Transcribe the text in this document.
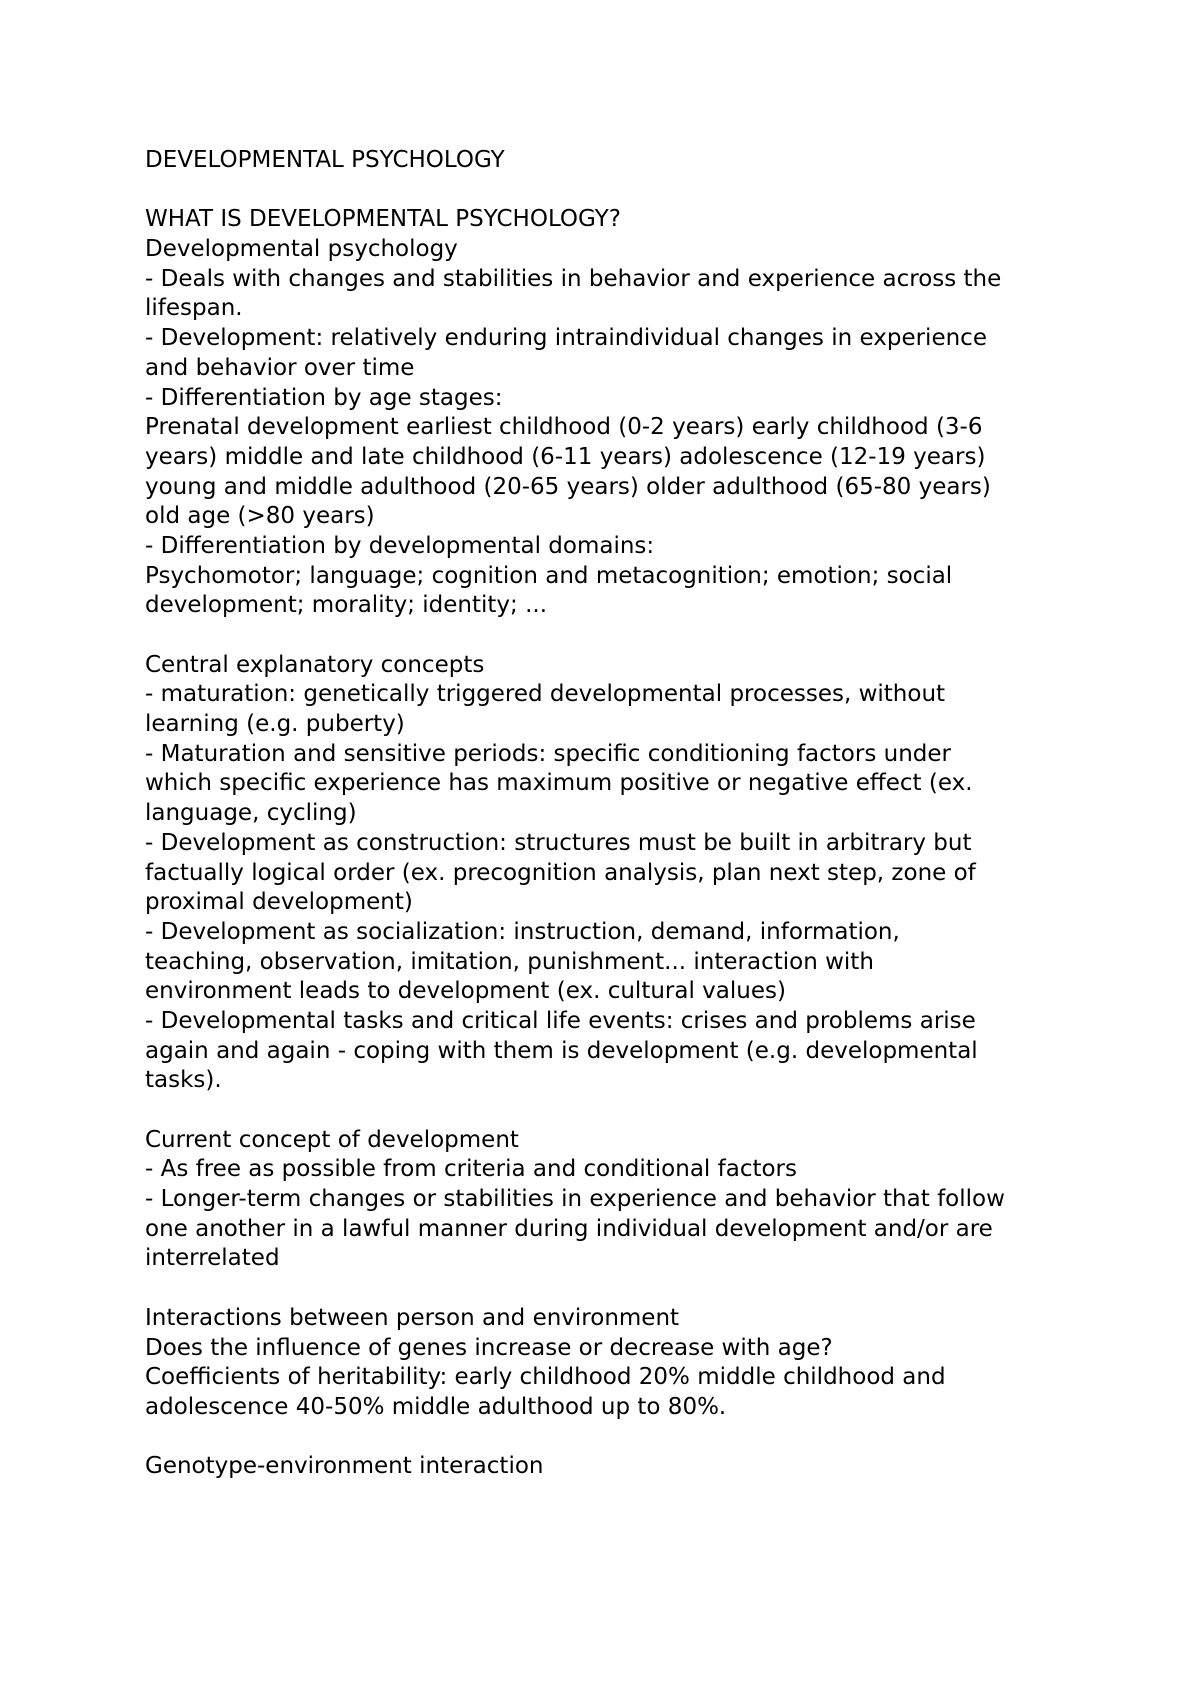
DEVELOPMENTAL PSYCHOLOGY

WHAT IS DEVELOPMENTAL PSYCHOLOGY?

Developmental psychology

- Deals with changes and stabilities in behavior and experience across the

lifespan.

- Development: relatively enduring intraindividual changes in experience

and behavior over time

- Differentiation by age stages:

Prenatal development earliest childhood (0-2 years) early childhood (3-6

years) middle and late childhood (6-11 years) adolescence (12-19 years)

young and middle adulthood (20-65 years) older adulthood (65-80 years)

old age (>80 years)

- Differentiation by developmental domains:

Psychomotor; language; cognition and metacognition; emotion; social

development; morality; identity; ...

Central explanatory concepts

- maturation: genetically triggered developmental processes, without

learning (e.g. puberty)

- Maturation and sensitive periods: specific conditioning factors under

which specific experience has maximum positive or negative effect (ex.

language, cycling)

- Development as construction: structures must be built in arbitrary but

factually logical order (ex. precognition analysis, plan next step, zone of

proximal development)

- Development as socialization: instruction, demand, information,

teaching, observation, imitation, punishment... interaction with

environment leads to development (ex. cultural values)

- Developmental tasks and critical life events: crises and problems arise

again and again - coping with them is development (e.g. developmental

tasks).

Current concept of development

- As free as possible from criteria and conditional factors

- Longer-term changes or stabilities in experience and behavior that follow

one another in a lawful manner during individual development and/or are

interrelated

Interactions between person and environment

Does the influence of genes increase or decrease with age?

Coefficients of heritability: early childhood 20% middle childhood and

adolescence 40-50% middle adulthood up to 80%.

Genotype-environment interaction
